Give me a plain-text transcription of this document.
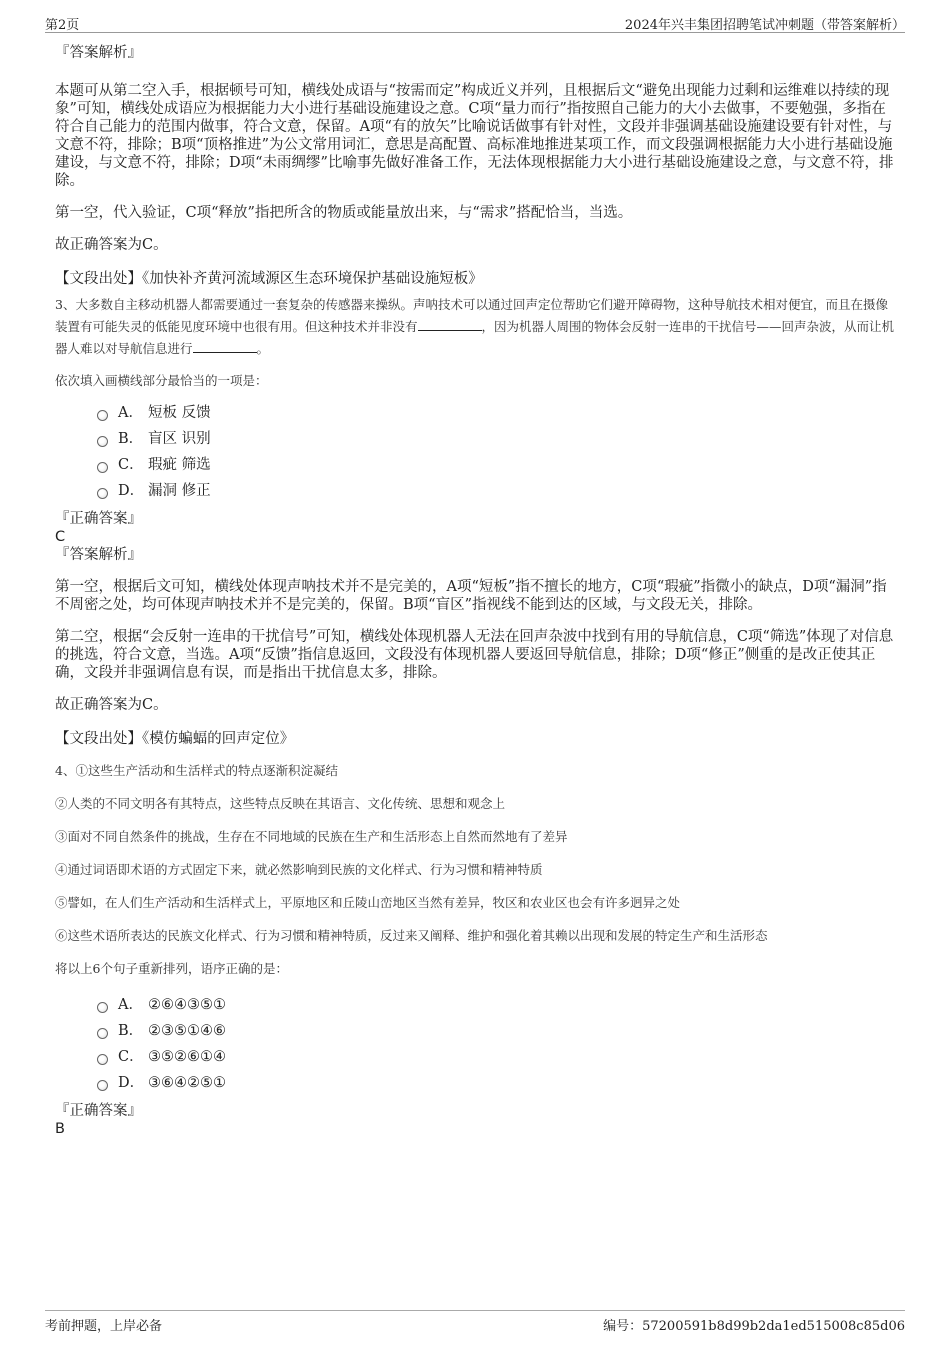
第2页	2024年兴丰集团招聘笔试冲刺题（带答案解析）
『答案解析』
本题可从第二空入手，根据顿号可知，横线处成语与“按需而定”构成近义并列，且根据后文“避免出现能力过剩和运维难以持续的现象”可知，横线处成语应为根据能力大小进行基础设施建设之意。C项“量力而行”指按照自己能力的大小去做事，不要勉强，多指在符合自己能力的范围内做事，符合文意，保留。A项“有的放矢”比喻说话做事有针对性，文段并非强调基础设施建设要有针对性，与文意不符，排除；B项“顶格推进”为公文常用词汇，意思是高配置、高标准地推进某项工作，而文段强调根据能力大小进行基础设施建设，与文意不符，排除；D项“未雨绸缪”比喻事先做好准备工作，无法体现根据能力大小进行基础设施建设之意，与文意不符，排除。
第一空，代入验证，C项“释放”指把所含的物质或能量放出来，与“需求”搭配恰当，当选。
故正确答案为C。
【文段出处】《加快补齐黄河流域源区生态环境保护基础设施短板》
3、大多数自主移动机器人都需要通过一套复杂的传感器来操纵。声呐技术可以通过回声定位帮助它们避开障碍物，这种导航技术相对便宜，而且在摄像装置有可能失灵的低能见度环境中也很有用。但这种技术并非没有	，因为机器人周围的物体会反射一连串的干扰信号——回声杂波，从而让机器人难以对导航信息进行	。
依次填入画横线部分最恰当的一项是：
A． 短板 反馈
B． 盲区 识别
C． 瑕疵 筛选
D． 漏洞 修正
『正确答案』
C
『答案解析』
第一空，根据后文可知，横线处体现声呐技术并不是完美的，A项“短板”指不擅长的地方，C项“瑕疵”指微小的缺点，D项“漏洞”指不周密之处，均可体现声呐技术并不是完美的，保留。B项“盲区”指视线不能到达的区域，与文段无关，排除。
第二空，根据“会反射一连串的干扰信号”可知，横线处体现机器人无法在回声杂波中找到有用的导航信息，C项“筛选”体现了对信息的挑选，符合文意，当选。A项“反馈”指信息返回，文段没有体现机器人要返回导航信息，排除；D项“修正”侧重的是改正使其正确，文段并非强调信息有误，而是指出干扰信息太多，排除。
故正确答案为C。
【文段出处】《模仿蝙蝠的回声定位》
4、①这些生产活动和生活样式的特点逐渐积淀凝结
②人类的不同文明各有其特点，这些特点反映在其语言、文化传统、思想和观念上
③面对不同自然条件的挑战，生存在不同地域的民族在生产和生活形态上自然而然地有了差异
④通过词语即术语的方式固定下来，就必然影响到民族的文化样式、行为习惯和精神特质
⑤譬如，在人们生产活动和生活样式上，平原地区和丘陵山峦地区当然有差异，牧区和农业区也会有许多迥异之处
⑥这些术语所表达的民族文化样式、行为习惯和精神特质，反过来又阐释、维护和强化着其赖以出现和发展的特定生产和生活形态
将以上6个句子重新排列，语序正确的是：
A． ②⑥④③⑤①
B． ②③⑤①④⑥
C． ③⑤②⑥①④
D． ③⑥④②⑤①
『正确答案』
B
考前押题，上岸必备	编号：57200591b8d99b2da1ed515008c85d06
